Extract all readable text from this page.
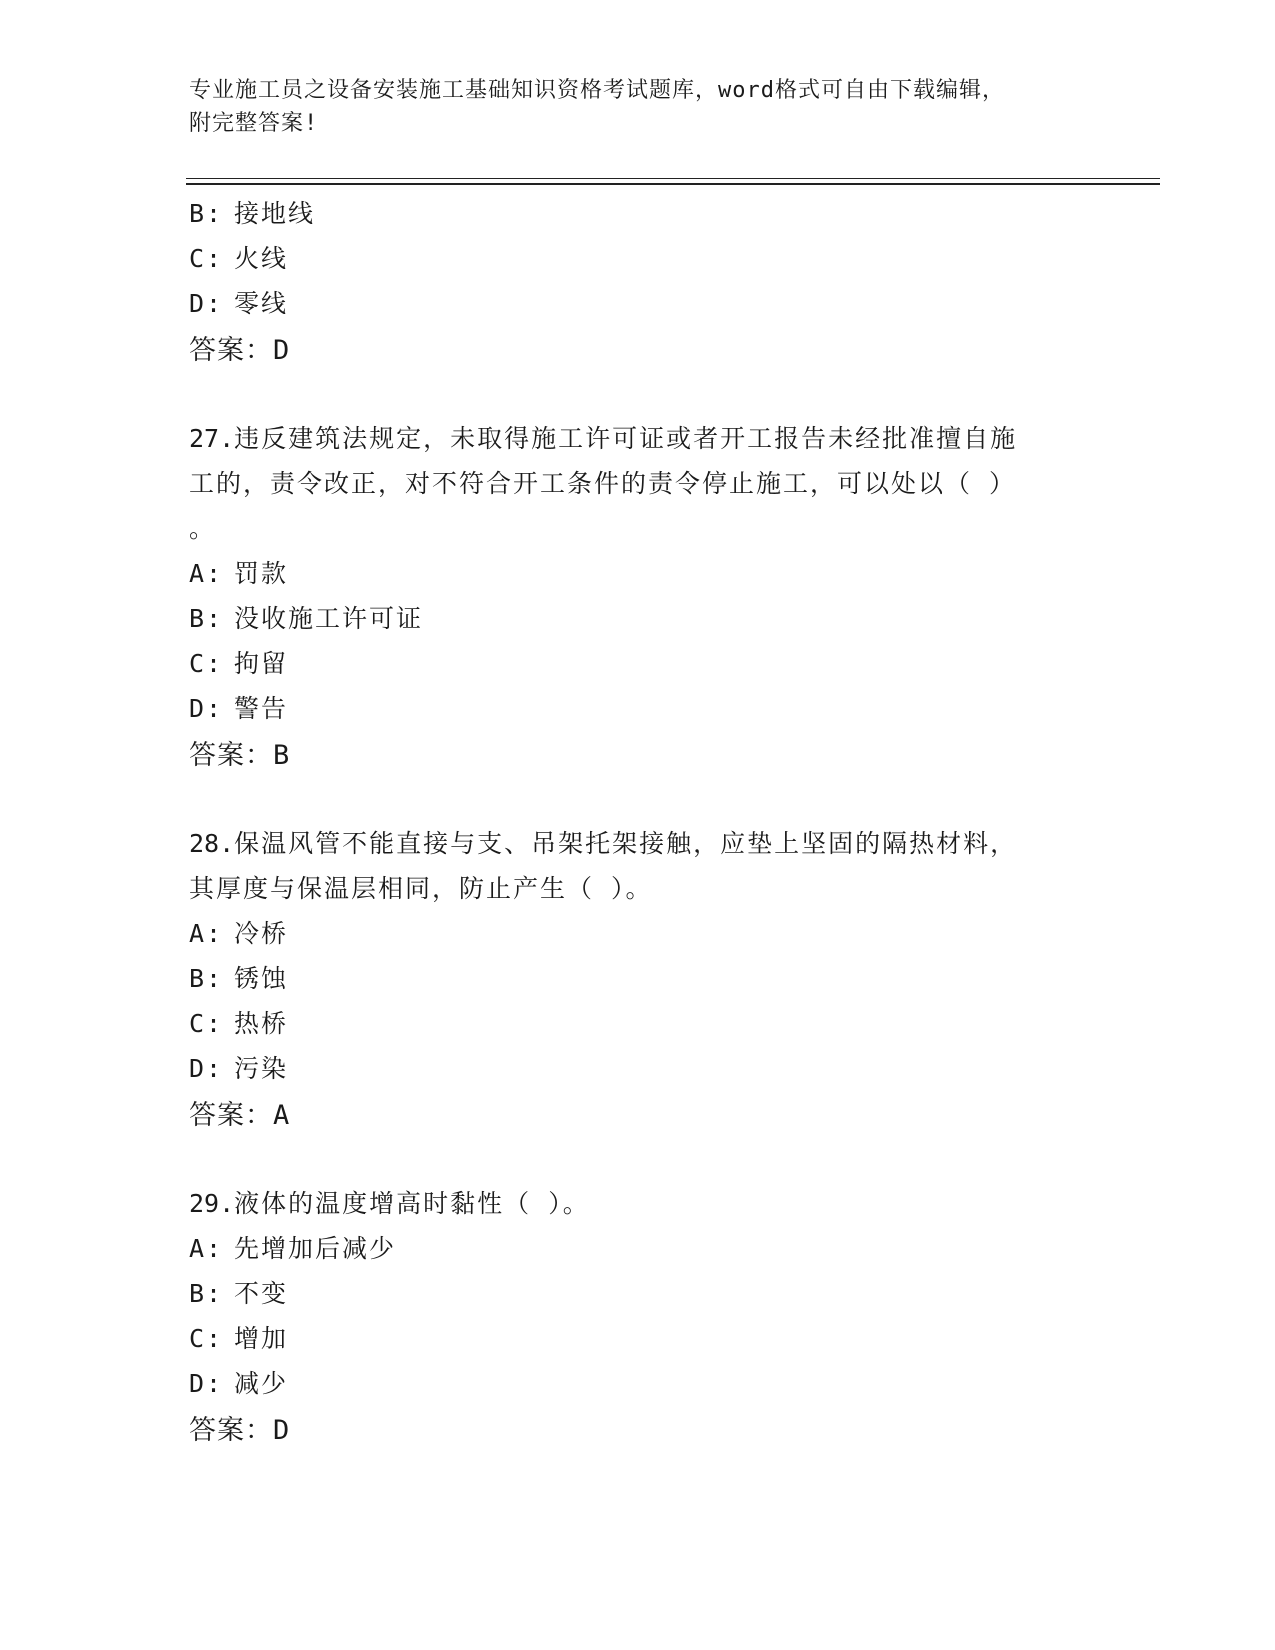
专业施工员之设备安装施工基础知识资格考试题库，word格式可自由下载编辑，
附完整答案!
B: 接地线
C: 火线
D: 零线
答案：D
27.违反建筑法规定，未取得施工许可证或者开工报告未经批准擅自施
工的，责令改正，对不符合开工条件的责令停止施工，可以处以（ ）
。
A: 罚款
B: 没收施工许可证
C: 拘留
D: 警告
答案：B
28.保温风管不能直接与支、吊架托架接触，应垫上坚固的隔热材料，
其厚度与保温层相同，防止产生（ ）。
A: 冷桥
B: 锈蚀
C: 热桥
D: 污染
答案：A
29.液体的温度增高时黏性（ ）。
A: 先增加后减少
B: 不变
C: 增加
D: 减少
答案：D
